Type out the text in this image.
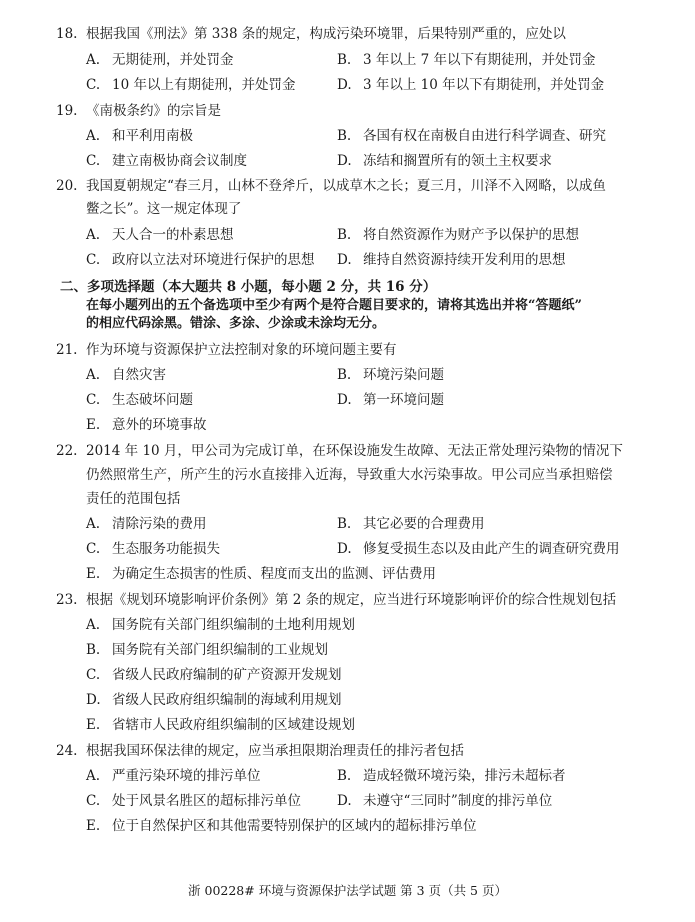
18. 根据我国《刑法》第 338 条的规定，构成污染环境罪，后果特别严重的，应处以
A. 无期徒刑，并处罚金	B. 3 年以上 7 年以下有期徒刑，并处罚金
C. 10 年以上有期徒刑，并处罚金	D. 3 年以上 10 年以下有期徒刑，并处罚金
19. 《南极条约》的宗旨是
A. 和平利用南极	B. 各国有权在南极自由进行科学调查、研究
C. 建立南极协商会议制度	D. 冻结和搁置所有的领土主权要求
20. 我国夏朝规定“春三月，山林不登斧斤，以成草木之长；夏三月，川泽不入网略，以成鱼
鳖之长”。这一规定体现了
A. 天人合一的朴素思想	B. 将自然资源作为财产予以保护的思想
C. 政府以立法对环境进行保护的思想 D. 维持自然资源持续开发利用的思想
二、多项选择题（本大题共 8 小题，每小题 2 分，共 16 分）
在每小题列出的五个备选项中至少有两个是符合题目要求的，请将其选出并将“答题纸”
的相应代码涂黑。错涂、多涂、少涂或未涂均无分。
21. 作为环境与资源保护立法控制对象的环境问题主要有
A. 自然灾害	B. 环境污染问题
C. 生态破坏问题	D. 第一环境问题
E. 意外的环境事故
22. 2014 年 10 月，甲公司为完成订单，在环保设施发生故障、无法正常处理污染物的情况下
仍然照常生产，所产生的污水直接排入近海，导致重大水污染事故。甲公司应当承担赔偿
责任的范围包括
A. 清除污染的费用	B. 其它必要的合理费用
C. 生态服务功能损失	D. 修复受损生态以及由此产生的调查研究费用
E. 为确定生态损害的性质、程度而支出的监测、评估费用
23. 根据《规划环境影响评价条例》第 2 条的规定，应当进行环境影响评价的综合性规划包括
A. 国务院有关部门组织编制的土地利用规划
B. 国务院有关部门组织编制的工业规划
C. 省级人民政府编制的矿产资源开发规划
D. 省级人民政府组织编制的海域利用规划
E. 省辖市人民政府组织编制的区域建设规划
24. 根据我国环保法律的规定，应当承担限期治理责任的排污者包括
A. 严重污染环境的排污单位	B. 造成轻微环境污染，排污未超标者
C. 处于风景名胜区的超标排污单位	D. 未遵守“三同时”制度的排污单位
E. 位于自然保护区和其他需要特别保护的区域内的超标排污单位
浙 00228# 环境与资源保护法学试题 第 3 页（共 5 页）
